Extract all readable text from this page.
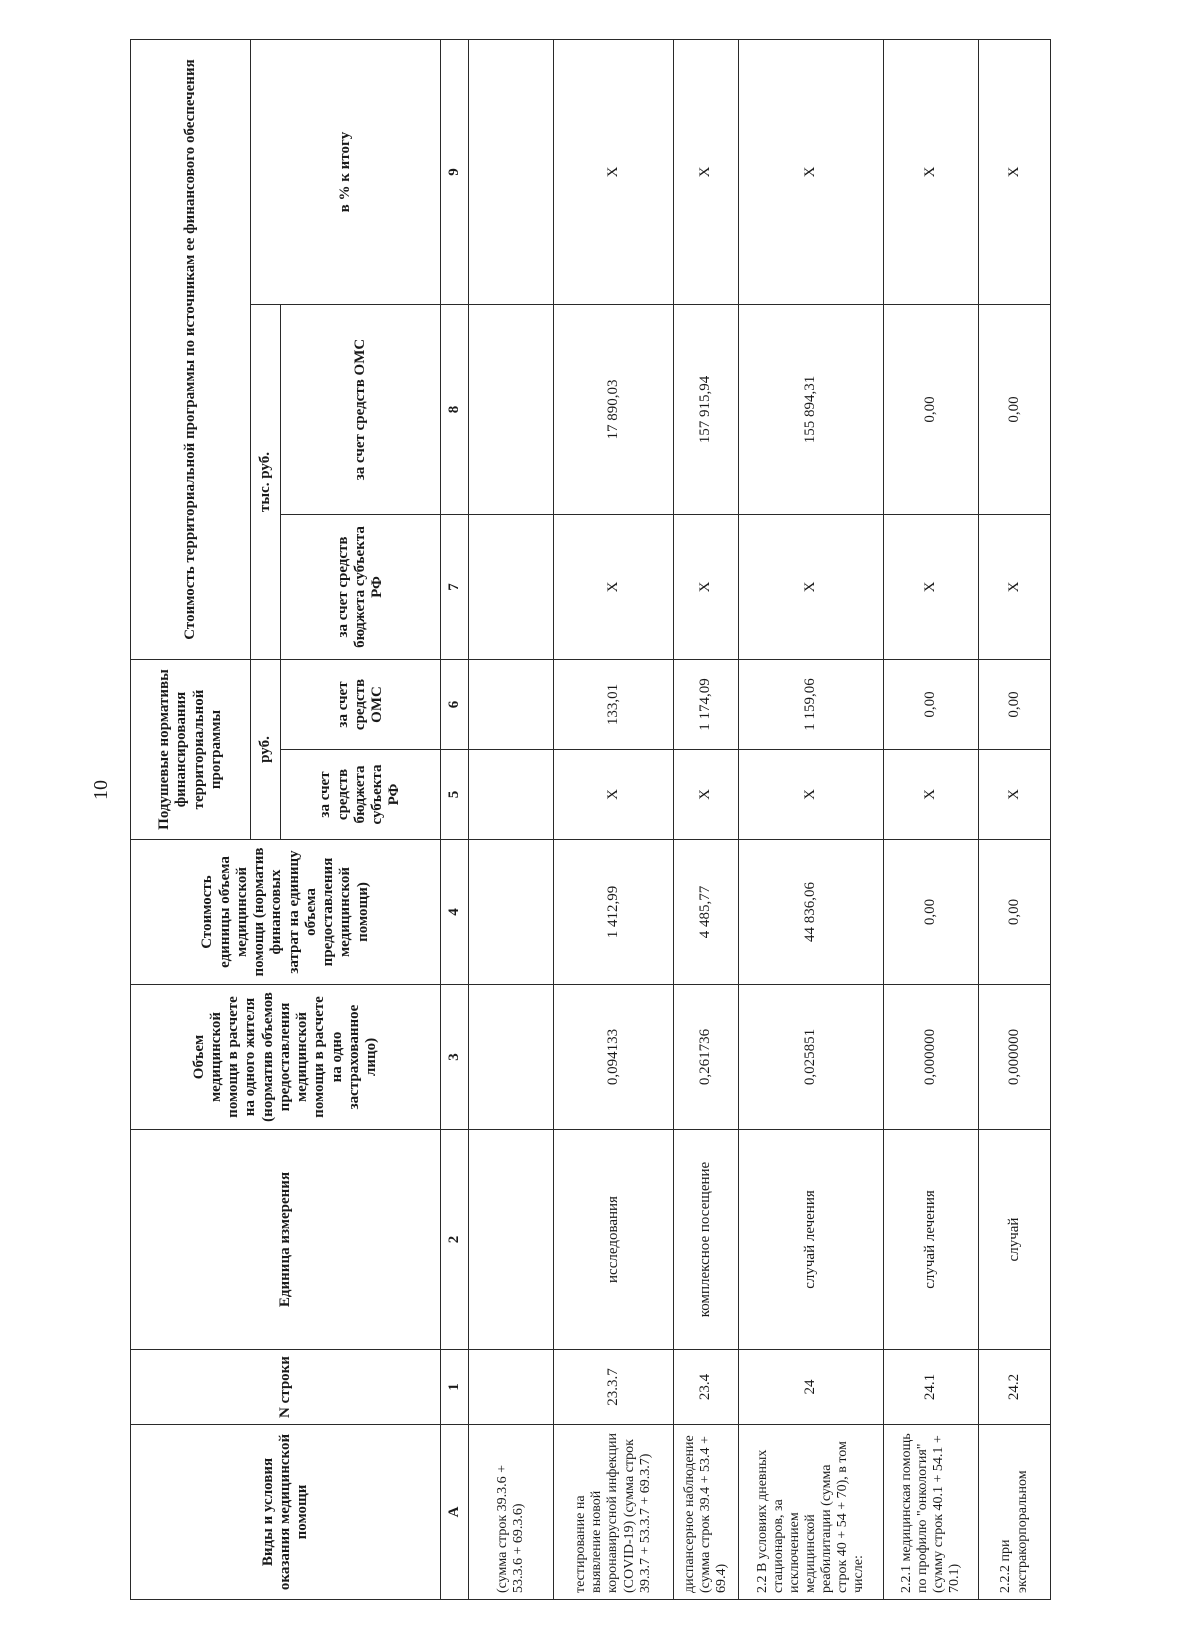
10
Виды и условия оказания медицинской помощи	N строки	Единица измерения	Объем медицинской помощи в расчете на одного жителя (норматив объемов предоставления медицинской помощи в расчете на одно застрахованное лицо)	Стоимость единицы объема медицинской помощи (норматив финансовых затрат на единицу объема предоставления медицинской помощи)	Подушевые нормативы финансирования территориальной программы		Стоимость территориальной программы по источникам ее финансового обеспечения		
					руб.		тыс. руб.		в % к итогу
					за счет средств бюджета субъекта РФ	за счет средств ОМС	за счет средств бюджета субъекта РФ	за счет средств ОМС	
А	1	2	3	4	5	6	7	8	9
(сумма строк 39.3.6 + 53.3.6 + 69.3.6)									
тестирование на выявление новой коронавирусной инфекции (COVID-19) (сумма строк 39.3.7 + 53.3.7 + 69.3.7)	23.3.7	исследования	0,094133	1 412,99	X	133,01	X	17 890,03	X
диспансерное наблюдение (сумма строк 39.4 + 53.4 + 69.4)	23.4	комплексное посещение	0,261736	4 485,77	X	1 174,09	X	157 915,94	X
2.2 В условиях дневных стационаров, за исключением медицинской реабилитации (сумма строк 40 + 54 + 70), в том числе:	24	случай лечения	0,025851	44 836,06	X	1 159,06	X	155 894,31	X
2.2.1 медицинская помощь по профилю "онкология" (сумму строк 40.1 + 54.1 + 70.1)	24.1	случай лечения	0,000000	0,00	X	0,00	X	0,00	X
2.2.2 при экстракорпоральном	24.2	случай	0,000000	0,00	X	0,00	X	0,00	X
